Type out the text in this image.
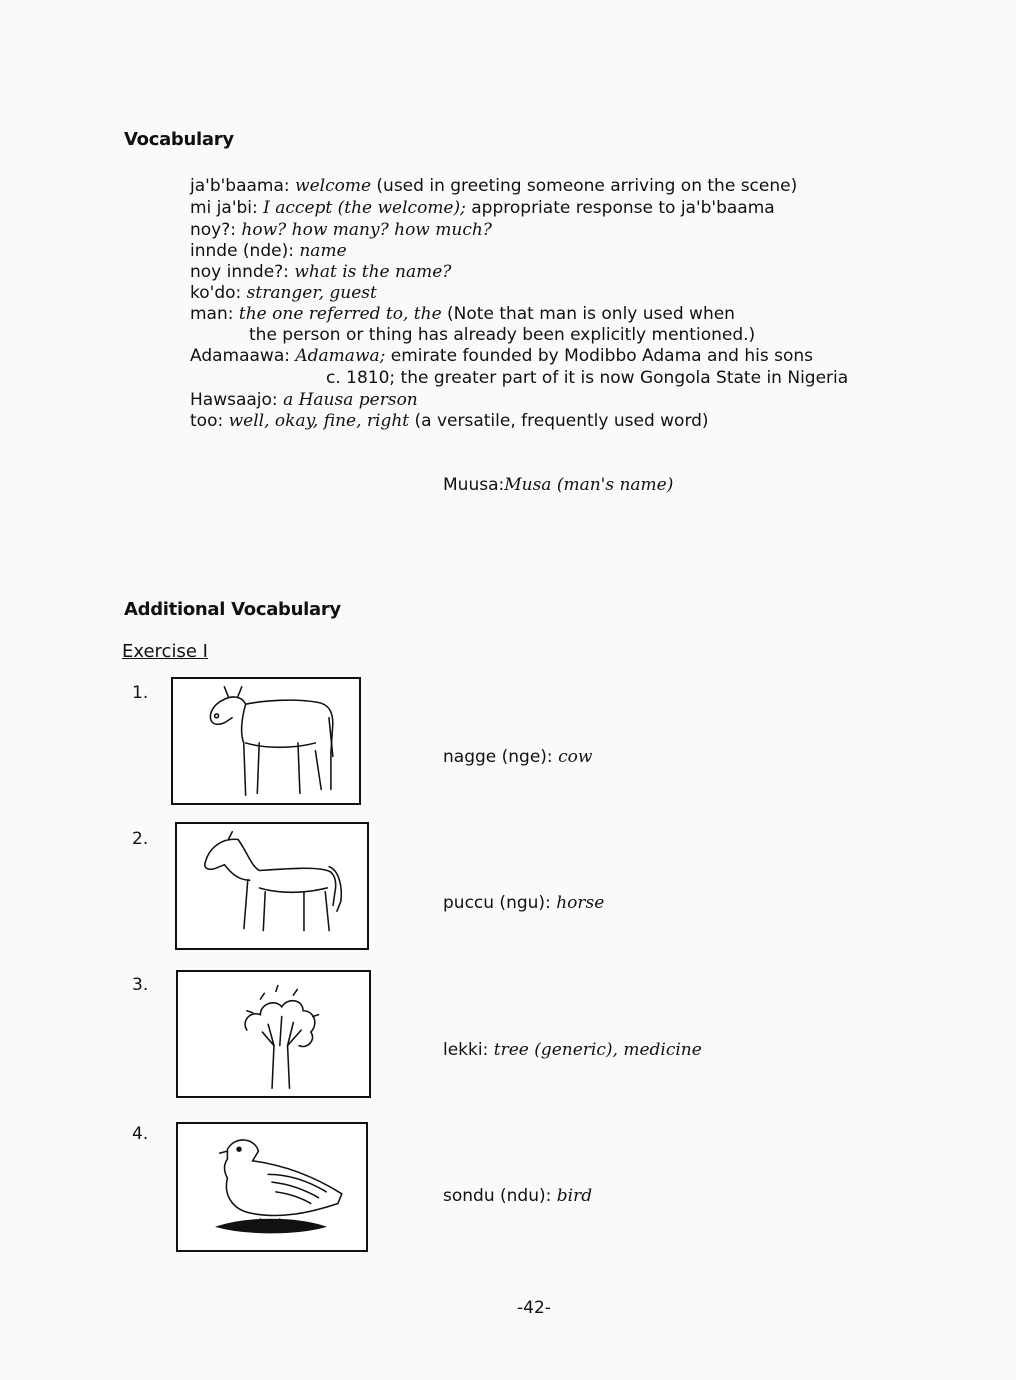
Vocabulary
ja'b'baama: welcome (used in greeting someone arriving on the scene)
mi ja'bi: I accept (the welcome); appropriate response to ja'b'baama
noy?: how? how many? how much?
innde (nde): name
noy innde?: what is the name?
ko'do: stranger, guest
man: the one referred to, the (Note that man is only used when
the person or thing has already been explicitly mentioned.)
Adamaawa: Adamawa; emirate founded by Modibbo Adama and his sons
c. 1810; the greater part of it is now Gongola State in Nigeria
Hawsaajo: a Hausa person
too: well, okay, fine, right (a versatile, frequently used word)
Muusa:Musa (man's name)
Additional Vocabulary
Exercise I
1.
nagge (nge): cow
2.
puccu (ngu): horse
3.
lekki: tree (generic), medicine
4.
sondu (ndu): bird
-42-
